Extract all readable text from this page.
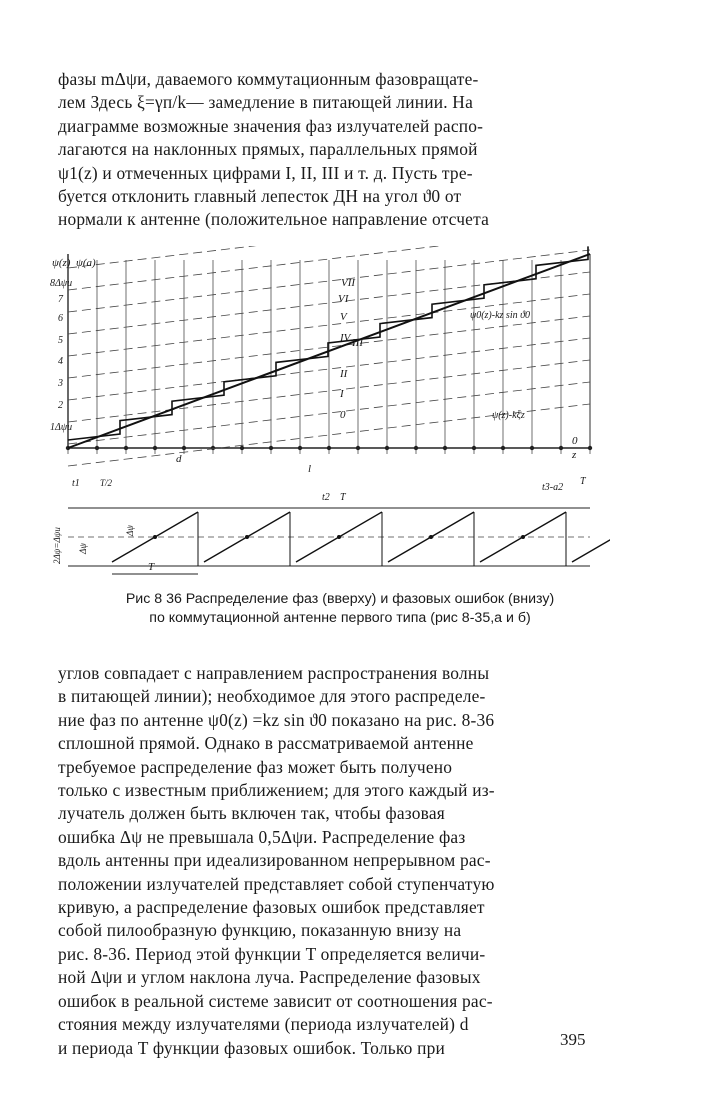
фазы mΔψи, даваемого коммутационным фазовращате-
лем Здесь ξ=γп/k— замедление в питающей линии. На
диаграмме возможные значения фаз излучателей распо-
лагаются на наклонных прямых, параллельных прямой
ψ1(z) и отмеченных цифрами I, II, III и т. д. Пусть тре-
буется отклонить главный лепесток ДН на угол ϑ0 от
нормали к антенне (положительное направление отсчета
ψ(z) ψ(a)
8Δψи
7
6
5
4
3
2
1Δψи
VII
VI
V
IV III
II
I
0
ψ0(z)-kz sin ϑ0
ψ(z)-kξz
0
z
d
l
t1 T/2
t2 T
t3-a2
T
2Δψ=Δψи	Δψ
Δψ
T
Рис 8 36 Распределение фаз (вверху) и фазовых ошибок (внизу)
по коммутационной антенне первого типа (рис 8-35,а и б)
углов совпадает с направлением распространения волны
в питающей линии); необходимое для этого распределе-
ние фаз по антенне ψ0(z) =kz sin ϑ0 показано на рис. 8-36
сплошной прямой. Однако в рассматриваемой антенне
требуемое распределение фаз может быть получено
только с известным приближением; для этого каждый из-
лучатель должен быть включен так, чтобы фазовая
ошибка Δψ не превышала 0,5Δψи. Распределение фаз
вдоль антенны при идеализированном непрерывном рас-
положении излучателей представляет собой ступенчатую
кривую, а распределение фазовых ошибок представляет
собой пилообразную функцию, показанную внизу на
рис. 8-36. Период этой функции T определяется величи-
ной Δψи и углом наклона луча. Распределение фазовых
ошибок в реальной системе зависит от соотношения рас-
стояния между излучателями (периода излучателей) d
и периода T функции фазовых ошибок. Только при	395
